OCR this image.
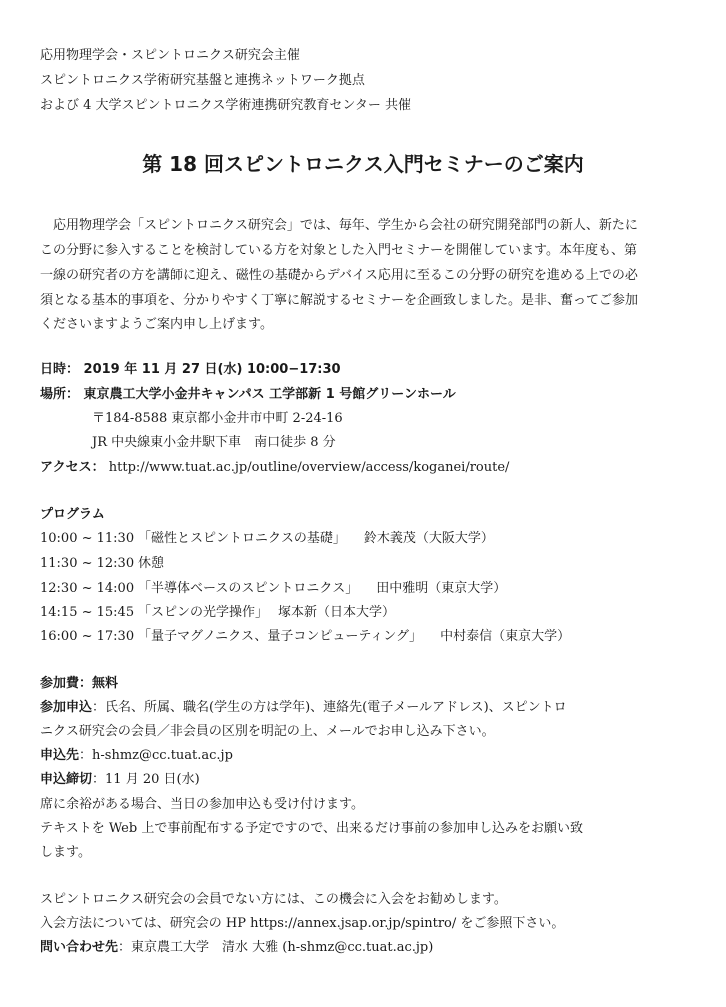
応用物理学会・スピントロニクス研究会主催
スピントロニクス学術研究基盤と連携ネットワーク拠点
および 4 大学スピントロニクス学術連携研究教育センター 共催
第 18 回スピントロニクス入門セミナーのご案内
　応用物理学会「スピントロニクス研究会」では、毎年、学生から会社の研究開発部門の新人、新たに
この分野に参入することを検討している方を対象とした入門セミナーを開催しています。本年度も、第
一線の研究者の方を講師に迎え、磁性の基礎からデバイス応用に至るこの分野の研究を進める上での必
須となる基本的事項を、分かりやすく丁寧に解説するセミナーを企画致しました。是非、奮ってご参加
くださいますようご案内申し上げます。
日時： 2019 年 11 月 27 日(水) 10:00−17:30
場所： 東京農工大学小金井キャンパス 工学部新 1 号館グリーンホール
〒184-8588 東京都小金井市中町 2-24-16
JR 中央線東小金井駅下車　南口徒歩 8 分
アクセス： http://www.tuat.ac.jp/outline/overview/access/koganei/route/
プログラム
10:00 ~ 11:30 「磁性とスピントロニクスの基礎」 鈴木義茂（大阪大学）
11:30 ~ 12:30 休憩
12:30 ~ 14:00 「半導体ベースのスピントロニクス」 田中雅明（東京大学）
14:15 ~ 15:45 「スピンの光学操作」 塚本新（日本大学）
16:00 ~ 17:30 「量子マグノニクス、量子コンピューティング」 中村泰信（東京大学）
参加費：無料
参加申込：氏名、所属、職名(学生の方は学年)、連絡先(電子メールアドレス)、スピントロ
ニクス研究会の会員／非会員の区別を明記の上、メールでお申し込み下さい。
申込先：h-shmz@cc.tuat.ac.jp
申込締切：11 月 20 日(水)
席に余裕がある場合、当日の参加申込も受け付けます。
テキストを Web 上で事前配布する予定ですので、出来るだけ事前の参加申し込みをお願い致
します。
スピントロニクス研究会の会員でない方には、この機会に入会をお勧めします。
入会方法については、研究会の HP https://annex.jsap.or.jp/spintro/ をご参照下さい。
問い合わせ先：東京農工大学　清水 大雅 (h-shmz@cc.tuat.ac.jp)
